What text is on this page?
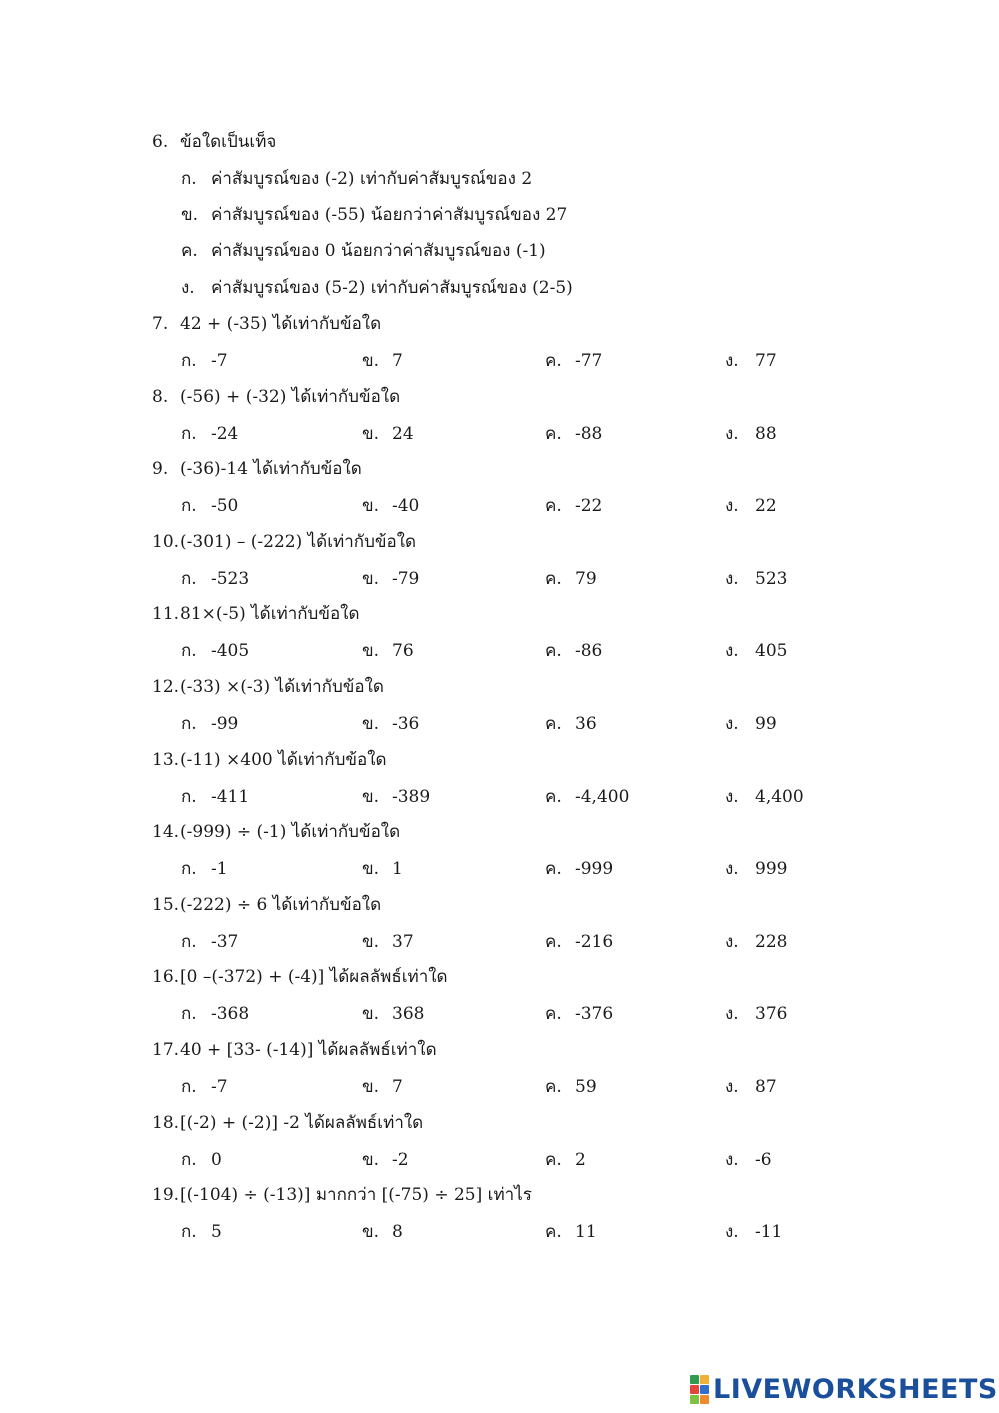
6. ข้อใดเป็นเท็จ
ก. ค่าสัมบูรณ์ของ (-2) เท่ากับค่าสัมบูรณ์ของ 2
ข. ค่าสัมบูรณ์ของ (-55) น้อยกว่าค่าสัมบูรณ์ของ 27
ค. ค่าสัมบูรณ์ของ 0 น้อยกว่าค่าสัมบูรณ์ของ (-1)
ง. ค่าสัมบูรณ์ของ (5-2) เท่ากับค่าสัมบูรณ์ของ (2-5)
7. 42 + (-35) ได้เท่ากับข้อใด
ก. -7	ข. 7	ค. -77	ง. 77
8. (-56) + (-32) ได้เท่ากับข้อใด
ก. -24	ข. 24	ค. -88	ง. 88
9. (-36)-14 ได้เท่ากับข้อใด
ก. -50	ข. -40	ค. -22	ง. 22
10.(-301) – (-222) ได้เท่ากับข้อใด
ก. -523	ข. -79	ค. 79	ง. 523
11.81×(-5) ได้เท่ากับข้อใด
ก. -405	ข. 76	ค. -86	ง. 405
12.(-33) ×(-3) ได้เท่ากับข้อใด
ก. -99	ข. -36	ค. 36	ง. 99
13.(-11) ×400 ได้เท่ากับข้อใด
ก. -411	ข. -389	ค. -4,400	ง. 4,400
14.(-999) ÷ (-1) ได้เท่ากับข้อใด
ก. -1	ข. 1	ค. -999	ง. 999
15.(-222) ÷ 6 ได้เท่ากับข้อใด
ก. -37	ข. 37	ค. -216	ง. 228
16.[0 –(-372) + (-4)] ได้ผลลัพธ์เท่าใด
ก. -368	ข. 368	ค. -376	ง. 376
17.40 + [33- (-14)] ได้ผลลัพธ์เท่าใด
ก. -7	ข. 7	ค. 59	ง. 87
18.[(-2) + (-2)] -2 ได้ผลลัพธ์เท่าใด
ก. 0	ข. -2	ค. 2	ง. -6
19.[(-104) ÷ (-13)] มากกว่า [(-75) ÷ 25] เท่าไร
ก. 5	ข. 8	ค. 11	ง. -11
LIVEWORKSHEETS
